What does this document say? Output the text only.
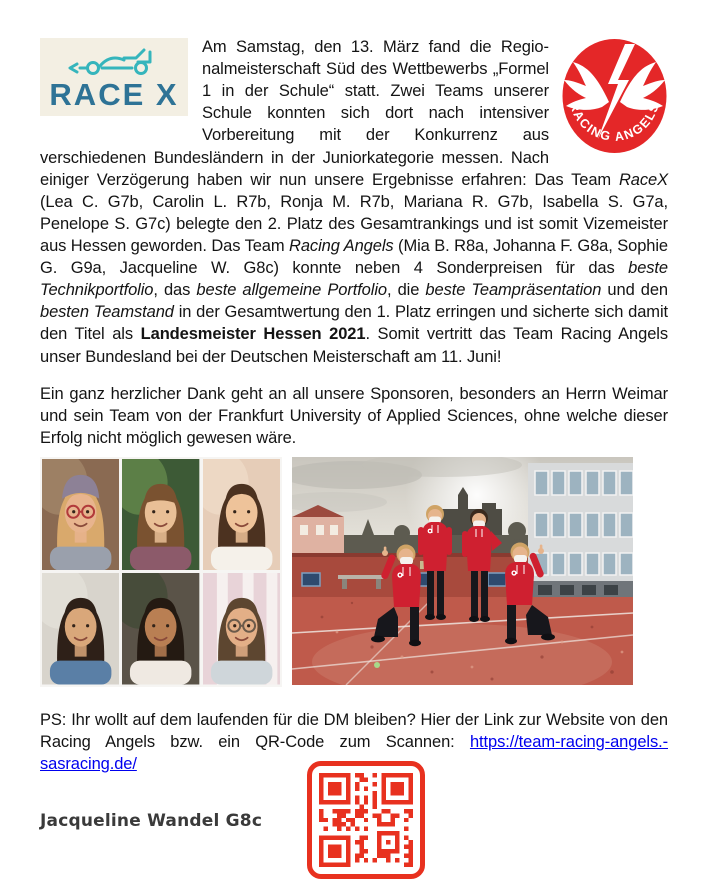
RACE X	RACING ANGELS

Am Samstag, den 13. März fand die Regionalmeisterschaft Süd des Wettbewerbs „Formel 1 in der Schule“ statt. Zwei Teams unserer Schule konnten sich dort nach intensiver Vorbereitung mit der Konkurrenz aus verschiedenen Bundesländern in der Juniorkategorie messen. Nach einiger Verzögerung haben wir nun unsere Ergebnisse erfahren: Das Team RaceX (Lea C. G7b, Carolin L. R7b, Ronja M. R7b, Mariana R. G7b, Isabella S. G7a, Penelope S. G7c) belegte den 2. Platz des Gesamtrankings und ist somit Vizemeister aus Hessen geworden. Das Team Racing Angels (Mia B. R8a, Johanna F. G8a, Sophie G. G9a, Jacqueline W. G8c) konnte neben 4 Sonderpreisen für das beste Technikportfolio, das beste allgemeine Portfolio, die beste Teampräsentation und den besten Teamstand in der Gesamtwertung den 1. Platz erringen und sicherte sich damit den Titel als Landesmeister Hessen 2021. Somit vertritt das Team Racing Angels unser Bundesland bei der Deutschen Meisterschaft am 11. Juni!

Ein ganz herzlicher Dank geht an all unsere Sponsoren, besonders an Herrn Weimar und sein Team von der Frankfurt University of Applied Sciences, ohne welche dieser Erfolg nicht möglich gewesen wäre.

PS: Ihr wollt auf dem laufenden für die DM bleiben? Hier der Link zur Website von den Racing Angels bzw. ein QR-Code zum Scannen: https://team-racing-angels.-sasracing.de/

Jacqueline Wandel G8c
